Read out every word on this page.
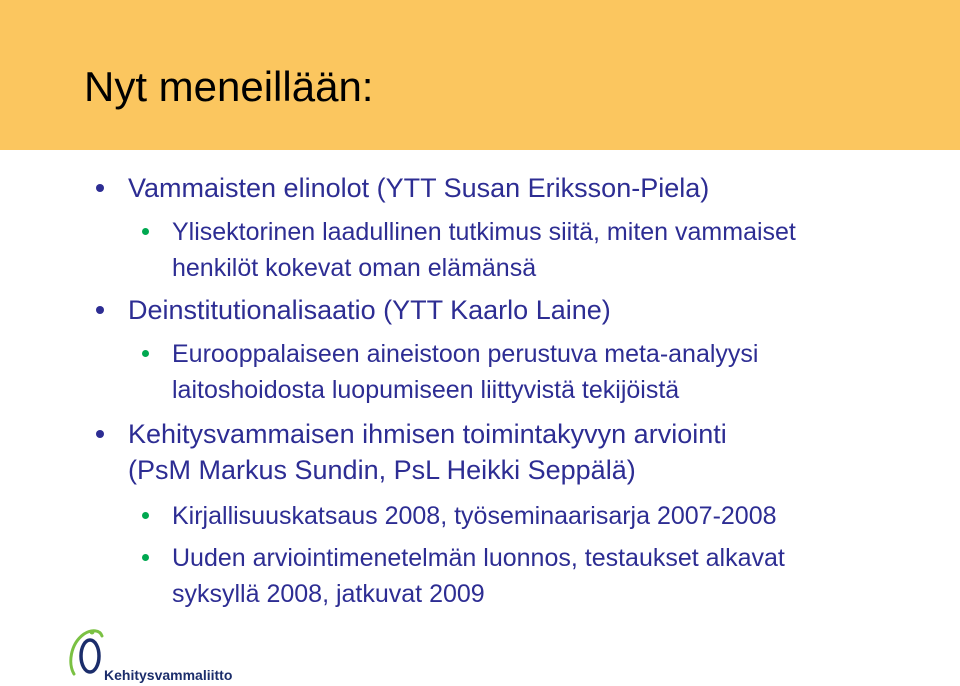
Nyt meneillään:
Vammaisten elinolot (YTT Susan Eriksson-Piela)
Ylisektorinen laadullinen tutkimus siitä, miten vammaiset
henkilöt kokevat oman elämänsä
Deinstitutionalisaatio (YTT Kaarlo Laine)
Eurooppalaiseen aineistoon perustuva meta-analyysi
laitoshoidosta luopumiseen liittyvistä tekijöistä
Kehitysvammaisen ihmisen toimintakyvyn arviointi
(PsM Markus Sundin, PsL Heikki Seppälä)
Kirjallisuuskatsaus 2008, työseminaarisarja 2007-2008
Uuden arviointimenetelmän luonnos, testaukset alkavat
syksyllä 2008, jatkuvat 2009
Kehitysvammaliitto
